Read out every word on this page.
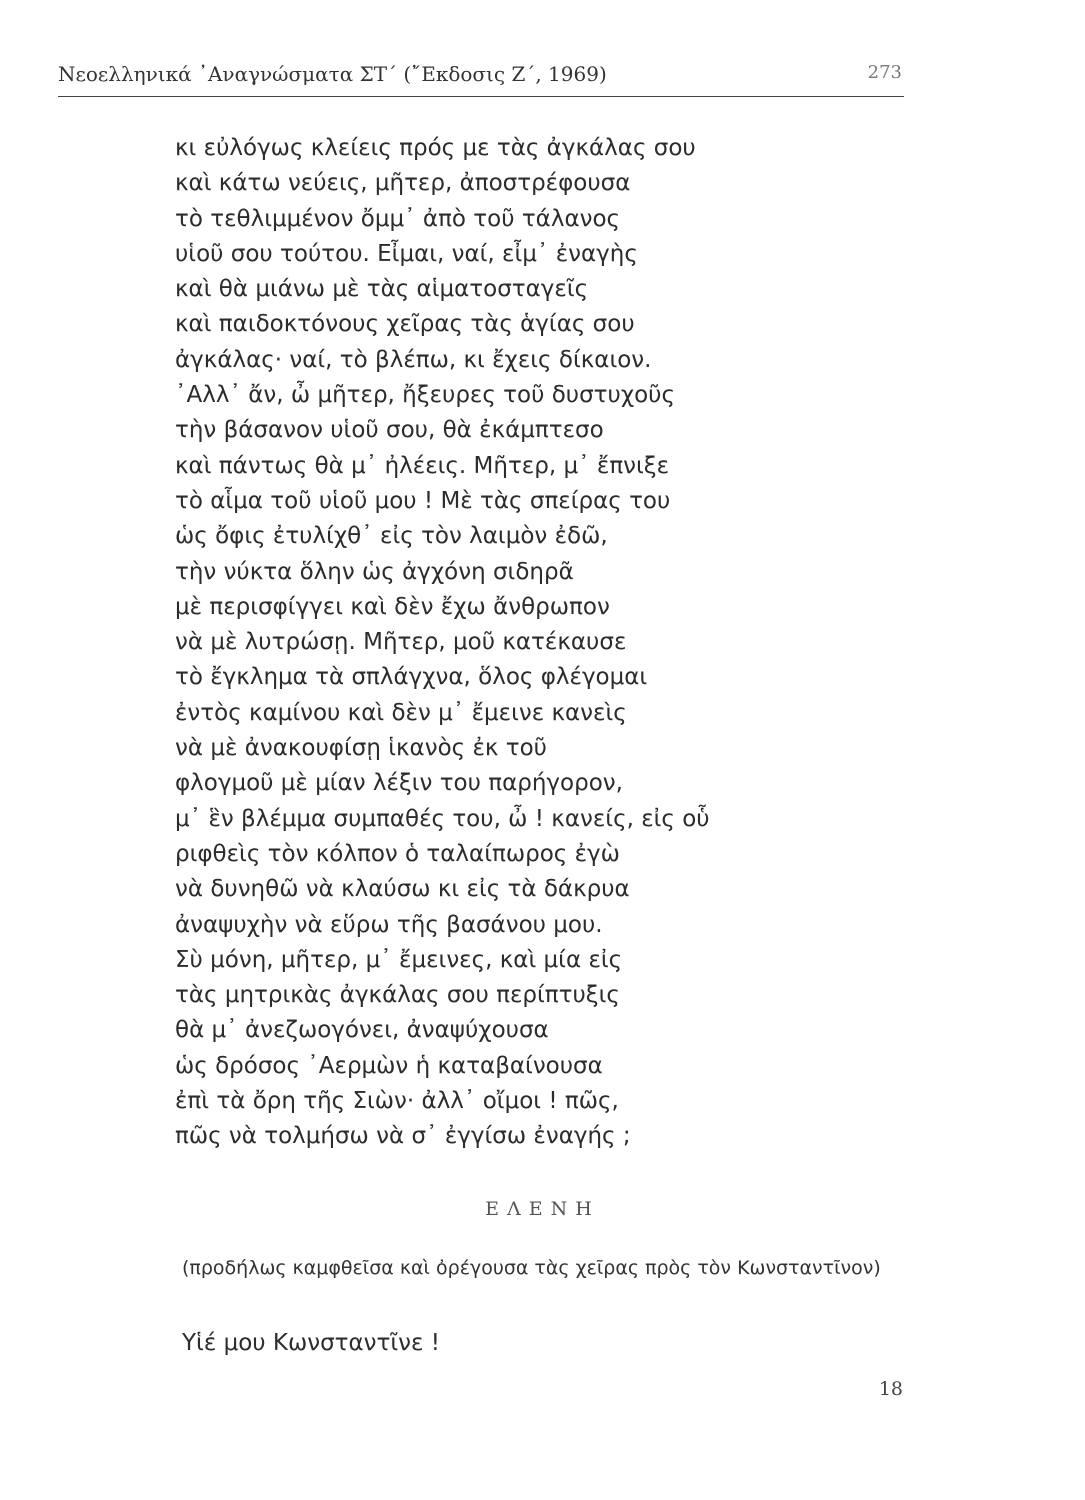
Νεοελληνικά ᾿Αναγνώσματα ΣΤ΄ (῎Εκδοσις Ζ΄, 1969)	273
κι εὐλόγως κλείεις πρός με τὰς ἀγκάλας σου
καὶ κάτω νεύεις, μῆτερ, ἀποστρέφουσα
τὸ τεθλιμμένον ὄμμ᾽ ἀπὸ τοῦ τάλανος
υἱοῦ σου τούτου. Εἶμαι, ναί, εἶμ᾽ ἐναγὴς
καὶ θὰ μιάνω μὲ τὰς αἱματοσταγεῖς
καὶ παιδοκτόνους χεῖρας τὰς ἁγίας σου
ἀγκάλας· ναί, τὸ βλέπω, κι ἔχεις δίκαιον.
᾿Αλλ᾽ ἄν, ὦ μῆτερ, ἤξευρες τοῦ δυστυχοῦς
τὴν βάσανον υἱοῦ σου, θὰ ἐκάμπτεσο
καὶ πάντως θὰ μ᾽ ἠλέεις. Μῆτερ, μ᾽ ἔπνιξε
τὸ αἷμα τοῦ υἱοῦ μου ! Μὲ τὰς σπείρας του
ὡς ὄφις ἐτυλίχθ᾽ εἰς τὸν λαιμὸν ἐδῶ,
τὴν νύκτα ὅλην ὡς ἀγχόνη σιδηρᾶ
μὲ περισφίγγει καὶ δὲν ἔχω ἄνθρωπον
νὰ μὲ λυτρώσῃ. Μῆτερ, μοῦ κατέκαυσε
τὸ ἔγκλημα τὰ σπλάγχνα, ὅλος φλέγομαι
ἐντὸς καμίνου καὶ δὲν μ᾽ ἔμεινε κανεὶς
νὰ μὲ ἀνακουφίσῃ ἱκανὸς ἐκ τοῦ
φλογμοῦ μὲ μίαν λέξιν του παρήγορον,
μ᾽ ἓν βλέμμα συμπαθές του, ὦ ! κανείς, εἰς οὗ
ριφθεὶς τὸν κόλπον ὁ ταλαίπωρος ἐγὼ
νὰ δυνηθῶ νὰ κλαύσω κι εἰς τὰ δάκρυα
ἀναψυχὴν νὰ εὕρω τῆς βασάνου μου.
Σὺ μόνη, μῆτερ, μ᾽ ἔμεινες, καὶ μία εἰς
τὰς μητρικὰς ἀγκάλας σου περίπτυξις
θὰ μ᾽ ἀνεζωογόνει, ἀναψύχουσα
ὡς δρόσος ᾿Αερμὼν ἡ καταβαίνουσα
ἐπὶ τὰ ὄρη τῆς Σιὼν· ἀλλ᾽ οἴμοι ! πῶς,
πῶς νὰ τολμήσω νὰ σ᾽ ἐγγίσω ἐναγής ;
ΕΛΕΝΗ
(προδήλως καμφθεῖσα καὶ ὀρέγουσα τὰς χεῖρας πρὸς τὸν Κωνσταντῖνον)
Υἱέ μου Κωνσταντῖνε !
18
